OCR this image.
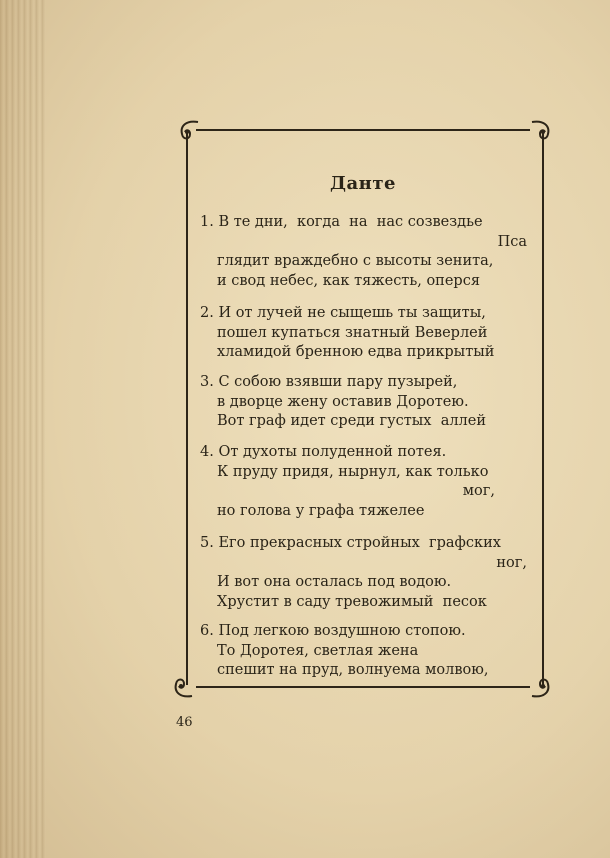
Данте
1. В те дни,  когда  на  нас созвездье
Пса
глядит враждебно с высоты зенита,
и свод небес, как тяжесть, оперся
2. И от лучей не сыщешь ты защиты,
пошел купаться знатный Веверлей
хламидой бренною едва прикрытый
3. С собою взявши пару пузырей,
в дворце жену оставив Доротею.
Вот граф идет среди густых  аллей
4. От духоты полуденной потея.
К пруду придя, нырнул, как только
мог,
но голова у графа тяжелее
5. Его прекрасных стройных  графских
ног,
И вот она осталась под водою.
Хрустит в саду тревожимый  песок
6. Под легкою воздушною стопою.
То Доротея, светлая жена
спешит на пруд, волнуема молвою,
46
